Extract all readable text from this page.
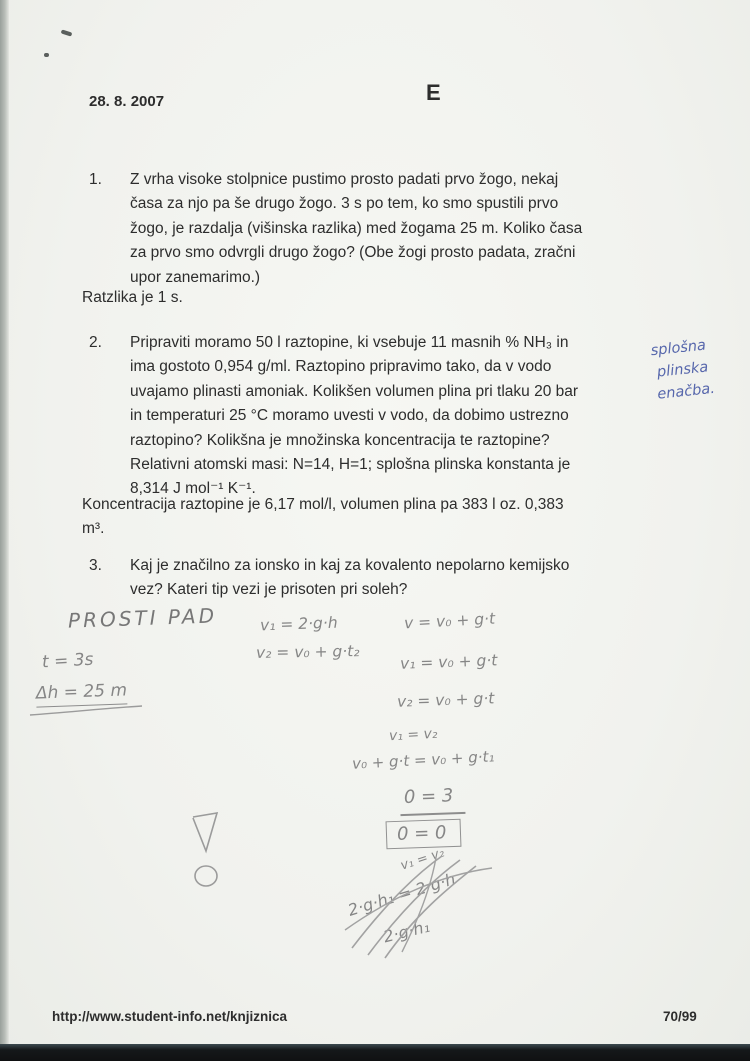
28. 8. 2007	E
1. Z vrha visoke stolpnice pustimo prosto padati prvo žogo, nekaj
časa za njo pa še drugo žogo. 3 s po tem, ko smo spustili prvo
žogo, je razdalja (višinska razlika) med žogama 25 m. Koliko časa
za prvo smo odvrgli drugo žogo? (Obe žogi prosto padata, zračni
upor zanemarimo.)
Ratzlika je 1 s.
2. Pripraviti moramo 50 l raztopine, ki vsebuje 11 masnih % NH₃ in
ima gostoto 0,954 g/ml. Raztopino pripravimo tako, da v vodo
uvajamo plinasti amoniak. Kolikšen volumen plina pri tlaku 20 bar
in temperaturi 25 °C moramo uvesti v vodo, da dobimo ustrezno
raztopino? Kolikšna je množinska koncentracija te raztopine?
Relativni atomski masi: N=14, H=1; splošna plinska konstanta je
8,314 J mol⁻¹ K⁻¹.
splošna
plinska
enačba.
Koncentracija raztopine je 6,17 mol/l, volumen plina pa 383 l oz. 0,383
m³.
3. Kaj je značilno za ionsko in kaj za kovalento nepolarno kemijsko
vez? Kateri tip vezi je prisoten pri soleh?
PROSTI PAD
t = 3s
Δh = 25 m
v₁ = 2·g·h
v₂ = v₀ + g·t₂
v = v₀ + g·t
v₁ = v₀ + g·t
v₂ = v₀ + g·t
v₁ = v₂
v₀ + g·t = v₀ + g·t₁
0 = 3
0 = 0
v₁ = v₂
2·g·h₁ = 2·g·h
2·g·h₁
http://www.student-info.net/knjiznica	70/99
